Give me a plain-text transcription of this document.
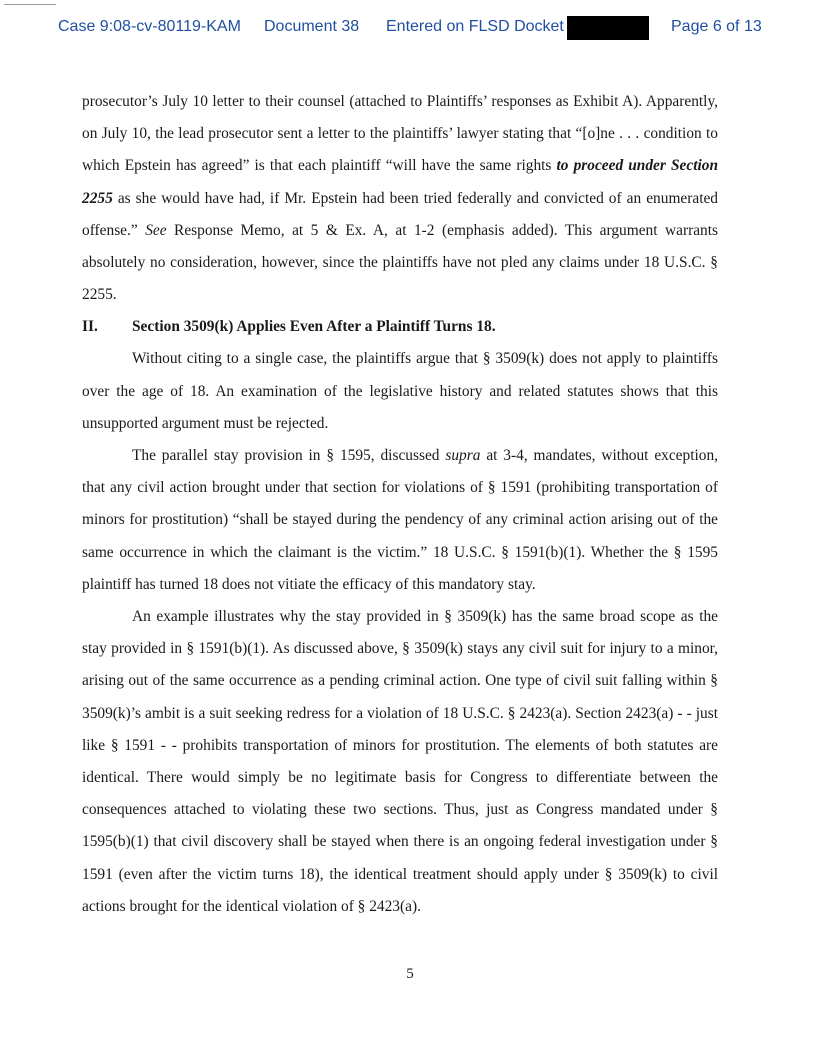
Case 9:08-cv-80119-KAM Document 38 Entered on FLSD Docket	Page 6 of 13

prosecutor’s July 10 letter to their counsel (attached to Plaintiffs’ responses as Exhibit A). Apparently, on July 10, the lead prosecutor sent a letter to the plaintiffs’ lawyer stating that “[o]ne . . . condition to which Epstein has agreed” is that each plaintiff “will have the same rights to proceed under Section 2255 as she would have had, if Mr. Epstein had been tried federally and convicted of an enumerated offense.” See Response Memo, at 5 & Ex. A, at 1-2 (emphasis added). This argument warrants absolutely no consideration, however, since the plaintiffs have not pled any claims under 18 U.S.C. § 2255.

II. Section 3509(k) Applies Even After a Plaintiff Turns 18.

Without citing to a single case, the plaintiffs argue that § 3509(k) does not apply to plaintiffs over the age of 18. An examination of the legislative history and related statutes shows that this unsupported argument must be rejected.

The parallel stay provision in § 1595, discussed supra at 3-4, mandates, without exception, that any civil action brought under that section for violations of § 1591 (prohibiting transportation of minors for prostitution) “shall be stayed during the pendency of any criminal action arising out of the same occurrence in which the claimant is the victim.” 18 U.S.C. § 1591(b)(1). Whether the § 1595 plaintiff has turned 18 does not vitiate the efficacy of this mandatory stay.

An example illustrates why the stay provided in § 3509(k) has the same broad scope as the stay provided in § 1591(b)(1). As discussed above, § 3509(k) stays any civil suit for injury to a minor, arising out of the same occurrence as a pending criminal action. One type of civil suit falling within § 3509(k)’s ambit is a suit seeking redress for a violation of 18 U.S.C. § 2423(a). Section 2423(a) - - just like § 1591 - - prohibits transportation of minors for prostitution. The elements of both statutes are identical. There would simply be no legitimate basis for Congress to differentiate between the consequences attached to violating these two sections. Thus, just as Congress mandated under § 1595(b)(1) that civil discovery shall be stayed when there is an ongoing federal investigation under § 1591 (even after the victim turns 18), the identical treatment should apply under § 3509(k) to civil actions brought for the identical violation of § 2423(a).

5
